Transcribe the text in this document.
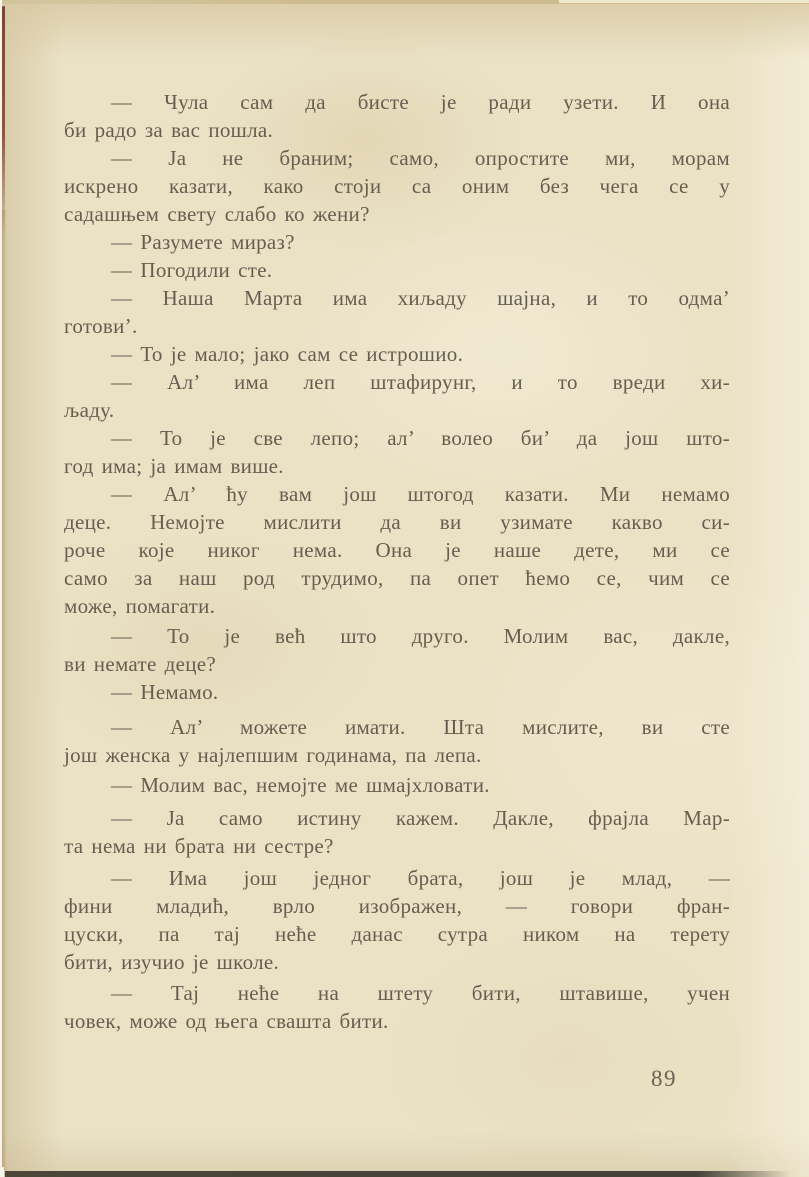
— Чула сам да бисте је ради узети. И она
би радо за вас пошла.

— Ја не браним; само, опростите ми, морам
искрено казати, како стоји са оним без чега се у
садашњем свету слабо ко жени?

— Разумете мираз?

— Погодили сте.

— Наша Марта има хиљаду шајна, и то одма’
готови’.

— То је мало; јако сам се истрошио.

— Ал’ има леп штафирунг, и то вреди хи-
љаду.

— То је све лепо; ал’ волео би’ да још што-
год има; ја имам више.

— Ал’ ћу вам још штогод казати. Ми немамо
деце. Немојте мислити да ви узимате какво си-
роче које никог нема. Она је наше дете, ми се
само за наш род трудимо, па опет ћемо се, чим се
може, помагати.

— То је већ што друго. Молим вас, дакле,
ви немате деце?

— Немамо.

— Ал’ можете имати. Шта мислите, ви сте
још женска у најлепшим годинама, па лепа.

— Молим вас, немојте ме шмајхловати.

— Ја само истину кажем. Дакле, фрајла Мар-
та нема ни брата ни сестре?

— Има још једног брата, још је млад, —
фини младић, врло изображен, — говори фран-
цуски, па тај неће данас сутра ником на терету
бити, изучио је школе.

— Тај неће на штету бити, штавише, учен
човек, може од њега свашта бити.

89
